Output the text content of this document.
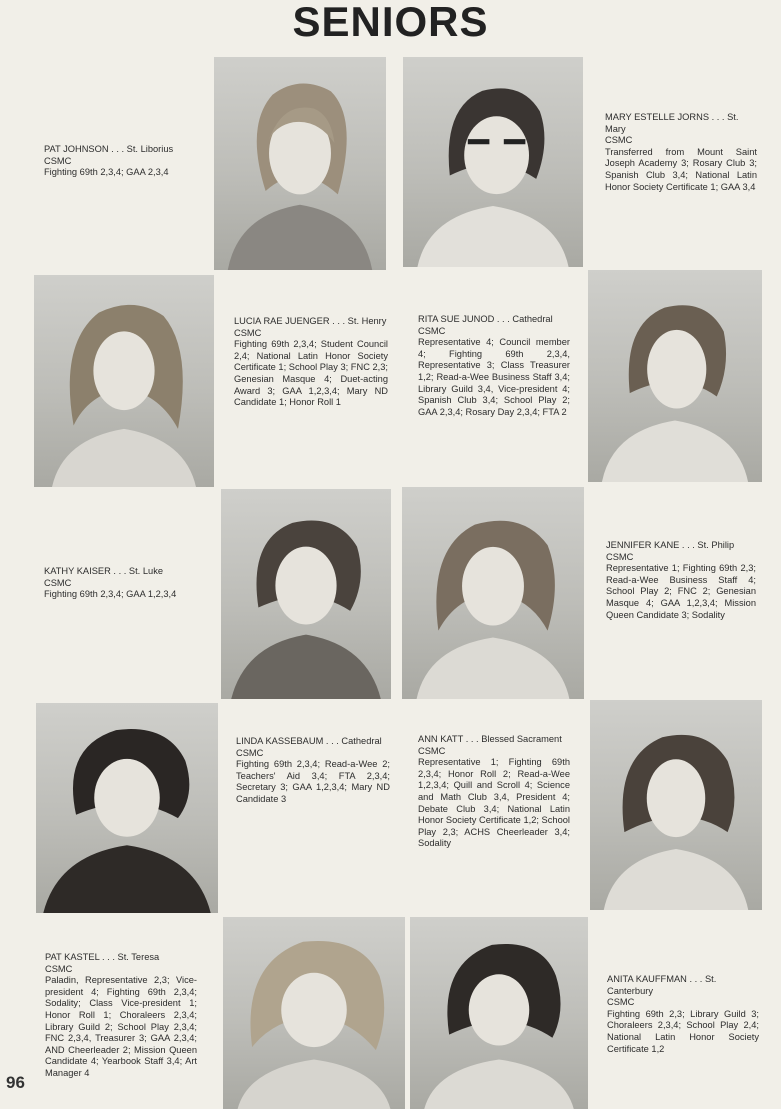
SENIORS
PAT JOHNSON . . . St. Liborius
CSMC
Fighting 69th 2,3,4; GAA 2,3,4
MARY ESTELLE JORNS . . . St. Mary
CSMC
Transferred from Mount Saint Joseph Academy 3; Rosary Club 3; Spanish Club 3,4; National Latin Honor Society Certificate 1; GAA 3,4
LUCIA RAE JUENGER . . . St. Henry
CSMC
Fighting 69th 2,3,4; Student Council 2,4; National Latin Honor Society Certificate 1; School Play 3; FNC 2,3; Genesian Masque 4; Duet-acting Award 3; GAA 1,2,3,4; Mary ND Candidate 1; Honor Roll 1
RITA SUE JUNOD . . . Cathedral
CSMC
Representative 4; Council member 4; Fighting 69th 2,3,4, Representative 3; Class Treasurer 1,2; Read-a-Wee Business Staff 3,4; Library Guild 3,4, Vice-president 4; Spanish Club 3,4; School Play 2; GAA 2,3,4; Rosary Day 2,3,4; FTA 2
KATHY KAISER . . . St. Luke
CSMC
Fighting 69th 2,3,4; GAA 1,2,3,4
JENNIFER KANE . . . St. Philip
CSMC
Representative 1; Fighting 69th 2,3; Read-a-Wee Business Staff 4; School Play 2; FNC 2; Genesian Masque 4; GAA 1,2,3,4; Mission Queen Candidate 3; Sodality
LINDA KASSEBAUM . . . Cathedral
CSMC
Fighting 69th 2,3,4; Read-a-Wee 2; Teachers' Aid 3,4; FTA 2,3,4; Secretary 3; GAA 1,2,3,4; Mary ND Candidate 3
ANN KATT . . . Blessed Sacrament
CSMC
Representative 1; Fighting 69th 2,3,4; Honor Roll 2; Read-a-Wee 1,2,3,4; Quill and Scroll 4; Science and Math Club 3,4, President 4; Debate Club 3,4; National Latin Honor Society Certificate 1,2; School Play 2,3; ACHS Cheerleader 3,4; Sodality
PAT KASTEL . . . St. Teresa
CSMC
Paladin, Representative 2,3; Vice-president 4; Fighting 69th 2,3,4; Sodality; Class Vice-president 1; Honor Roll 1; Choraleers 2,3,4; Library Guild 2; School Play 2,3,4; FNC 2,3,4, Treasurer 3; GAA 2,3,4; AND Cheerleader 2; Mission Queen Candidate 4; Yearbook Staff 3,4; Art Manager 4
ANITA KAUFFMAN . . . St. Canterbury
CSMC
Fighting 69th 2,3; Library Guild 3; Choraleers 2,3,4; School Play 2,4; National Latin Honor Society Certificate 1,2
96
